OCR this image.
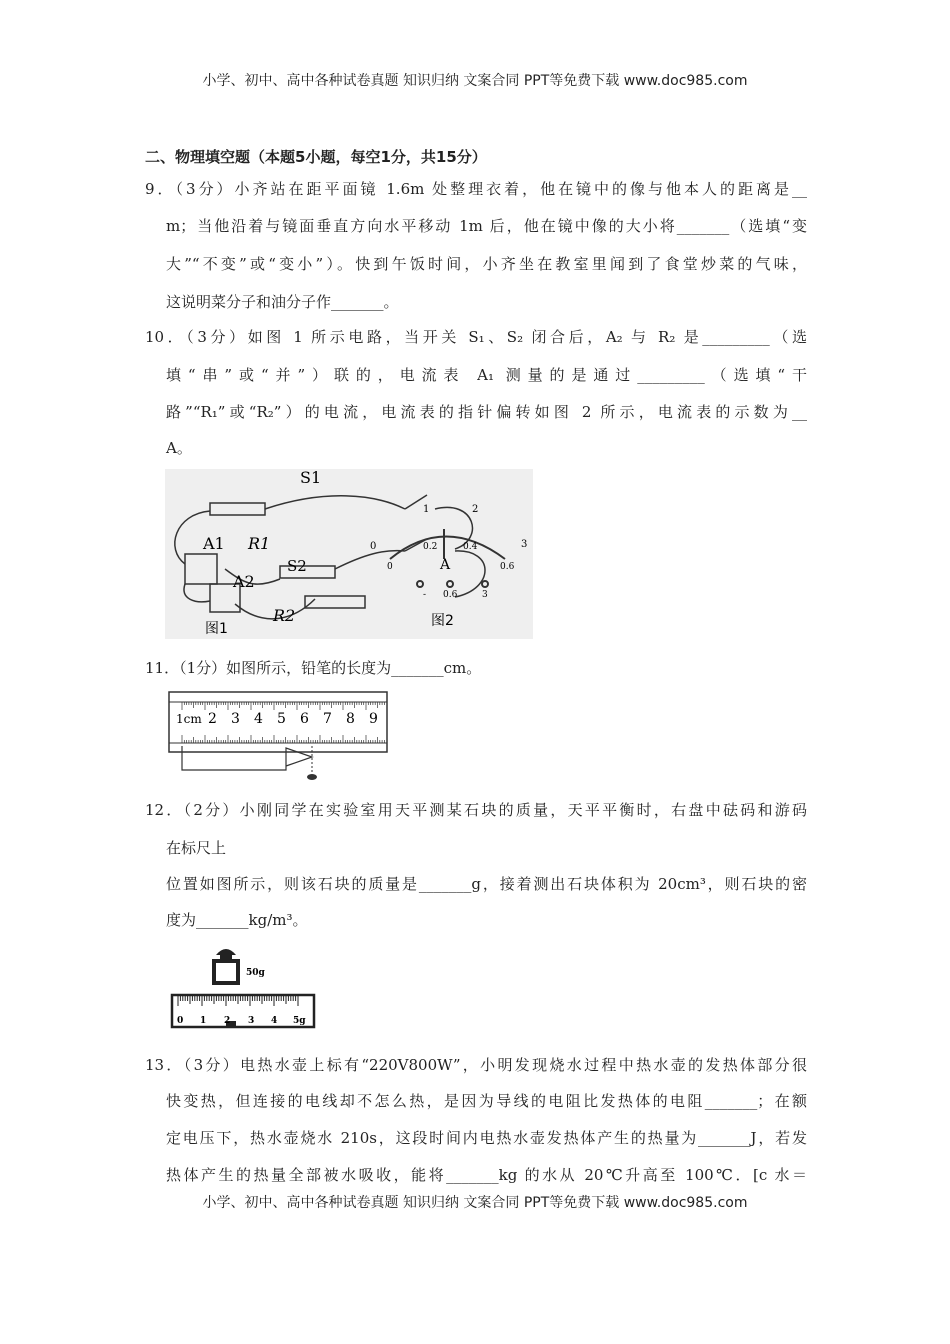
小学、初中、高中各种试卷真题 知识归纳 文案合同 PPT等免费下载 www.doc985.com
二、物理填空题（本题5小题，每空1分，共15分）
9．（3分）小齐站在距平面镜 1.6m 处整理衣着，他在镜中的像与他本人的距离是__
m；当他沿着与镜面垂直方向水平移动 1m 后，他在镜中像的大小将_______（选填“变
大”“不变”或“变小”）。快到午饭时间，小齐坐在教室里闻到了食堂炒菜的气味，
这说明菜分子和油分子作_______。
10．（3分）如图 1 所示电路，当开关 S₁、S₂ 闭合后，A₂ 与 R₂ 是_________（选
填“串”或“并”）联的，电流表 A₁ 测量的是通过_________（选填“干
路”“R₁”或“R₂”）的电流，电流表的指针偏转如图 2 所示，电流表的示数为__
A。
S1
S2
A1
A2
R1
R2
图1
0
1	2
3
0
0.2	0.4
0.6
A
- 0.6	3
图2
11．（1分）如图所示，铅笔的长度为_______cm。
1cm 2 3 4 5 6 7 8 9
12．（2分）小刚同学在实验室用天平测某石块的质量，天平平衡时，右盘中砝码和游码
在标尺上
位置如图所示，则该石块的质量是_______g，接着测出石块体积为 20cm³，则石块的密
度为_______kg/m³。
50g
0 1 2 3 4 5g
13．（3分）电热水壶上标有“220V800W”，小明发现烧水过程中热水壶的发热体部分很
快变热，但连接的电线却不怎么热，是因为导线的电阻比发热体的电阻_______；在额
定电压下，热水壶烧水 210s，这段时间内电热水壶发热体产生的热量为_______J，若发
热体产生的热量全部被水吸收，能将_______kg 的水从 20℃升高至 100℃．[c 水＝
小学、初中、高中各种试卷真题 知识归纳 文案合同 PPT等免费下载 www.doc985.com
